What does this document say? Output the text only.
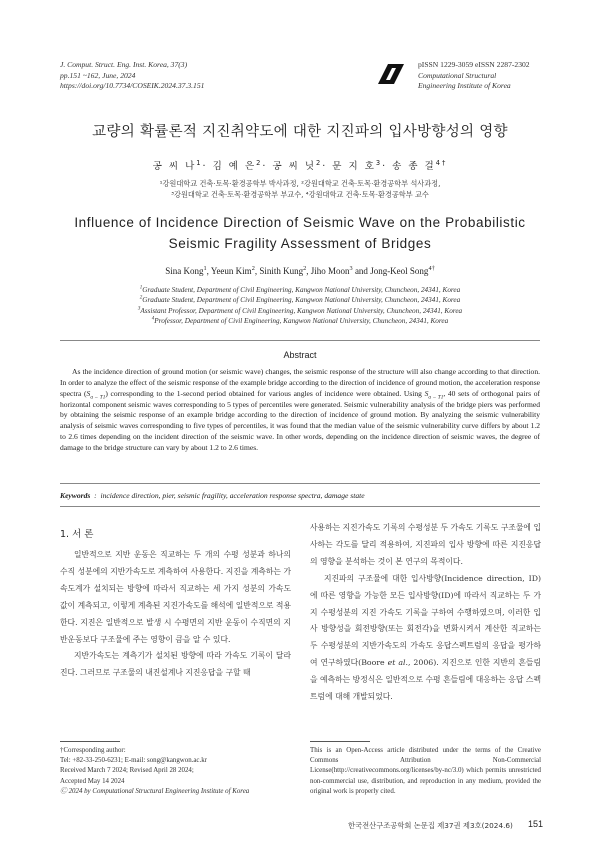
J. Comput. Struct. Eng. Inst. Korea, 37(3)
pp.151 ~162, June, 2024
https://doi.org/10.7734/COSEIK.2024.37.3.151
pISSN 1229-3059 eISSN 2287-2302
Computational Structural
Engineering Institute of Korea
교량의 확률론적 지진취약도에 대한 지진파의 입사방향성의 영향
공 씨 나$^1$· 김 예 은$^2$· 공 씨 닛$^2$· 문 지 호$^3$· 송 종 걸$^{4\dagger}$
¹강원대학교 건축·토목·환경공학부 박사과정, ²강원대학교 건축·토목·환경공학부 석사과정,
³강원대학교 건축·토목·환경공학부 부교수, ⁴강원대학교 건축·토목·환경공학부 교수
Influence of Incidence Direction of Seismic Wave on the Probabilistic
Seismic Fragility Assessment of Bridges
Sina Kong$^1$, Yeeun Kim$^2$, Sinith Kung$^2$, Jiho Moon$^3$ and Jong-Keol Song$^{4\dagger}$
$^1$Graduate Student, Department of Civil Engineering, Kangwon National University, Chuncheon, 24341, Korea
$^2$Graduate Student, Department of Civil Engineering, Kangwon National University, Chuncheon, 24341, Korea
$^3$Assistant Professor, Department of Civil Engineering, Kangwon National University, Chuncheon, 24341, Korea
$^4$Professor, Department of Civil Engineering, Kangwon National University, Chuncheon, 24341, Korea
Abstract

As the incidence direction of ground motion (or seismic wave) changes, the seismic response of the structure will also change according to that direction. In order to analyze the effect of the seismic response of the example bridge according to the direction of incidence of ground motion, the acceleration response spectra $(S_{a - T1})$ corresponding to the 1-second period obtained for various angles of incidence were obtained. Using $S_{a - T1}$, 40 sets of orthogonal pairs of horizontal component seismic waves corresponding to 5 types of percentiles were generated. Seismic vulnerability analysis of the bridge piers was performed by obtaining the seismic response of an example bridge according to the direction of incidence of ground motion. By analyzing the seismic vulnerability analysis of seismic waves corresponding to five types of percentiles, it was found that the median value of the seismic vulnerability curve differs by about 1.2 to 2.6 times depending on the incident direction of the seismic wave. In other words, depending on the incidence direction of seismic waves, the degree of damage to the bridge structure can vary by about 1.2 to 2.6 times.

Keywords : incidence direction, pier, seismic fragility, acceleration response spectra, damage state
1. 서 론

일반적으로 지반 운동은 직교하는 두 개의 수평 성분과 하나의 수직 성분에의 지반가속도로 계측하여 사용한다. 지진을 계측하는 가속도계가 설치되는 방향에 따라서 직교하는 세 가지 성분의 가속도 값이 계측되고, 이렇게 계측된 지진가속도를 해석에 일반적으로 적용한다. 지진은 일반적으로 발생 시 수평면의 지반 운동이 수직면의 지반운동보다 구조물에 주는 영향이 큼을 알 수 있다.

지반가속도는 계측기가 설치된 방향에 따라 가속도 기록이 달라진다. 그러므로 구조물의 내진설계나 지진응답을 구할 때

사용하는 지진가속도 기록의 수평성분 두 가속도 기록도 구조물에 입사하는 각도를 달리 적용하여, 지진파의 입사 방향에 따른 지진응답의 영향을 분석하는 것이 본 연구의 목적이다.

지진파의 구조물에 대한 입사방향(Incidence direction, ID)에 따른 영향을 가능한 모든 입사방향(ID)에 따라서 직교하는 두 가지 수평성분의 지진 가속도 기록을 구하여 수행하였으며, 이러한 입사 방향성을 회전방향(또는 회전각)을 변화시켜서 계산한 직교하는 두 수평성분의 지반가속도의 가속도 응답스펙트럼의 응답을 평가하여 연구하였다(Boore et al., 2006). 지진으로 인한 지반의 흔들림을 예측하는 방정식은 일반적으로 수평 흔들림에 대응하는 응답 스펙트럼에 대해 개발되었다.

†Corresponding author:
Tel: +82-33-250-6231; E-mail: song@kangwon.ac.kr
Received March 7 2024; Revised April 28 2024;
Accepted May 14 2024
Ⓒ 2024 by Computational Structural Engineering Institute of Korea
This is an Open-Access article distributed under the terms of the Creative Commons Attribution Non-Commercial License(http://creativecommons.org/licenses/by-nc/3.0) which permits unrestricted non-commercial use, distribution, and reproduction in any medium, provided the original work is properly cited.
한국전산구조공학회 논문집 제37권 제3호(2024.6) 151
